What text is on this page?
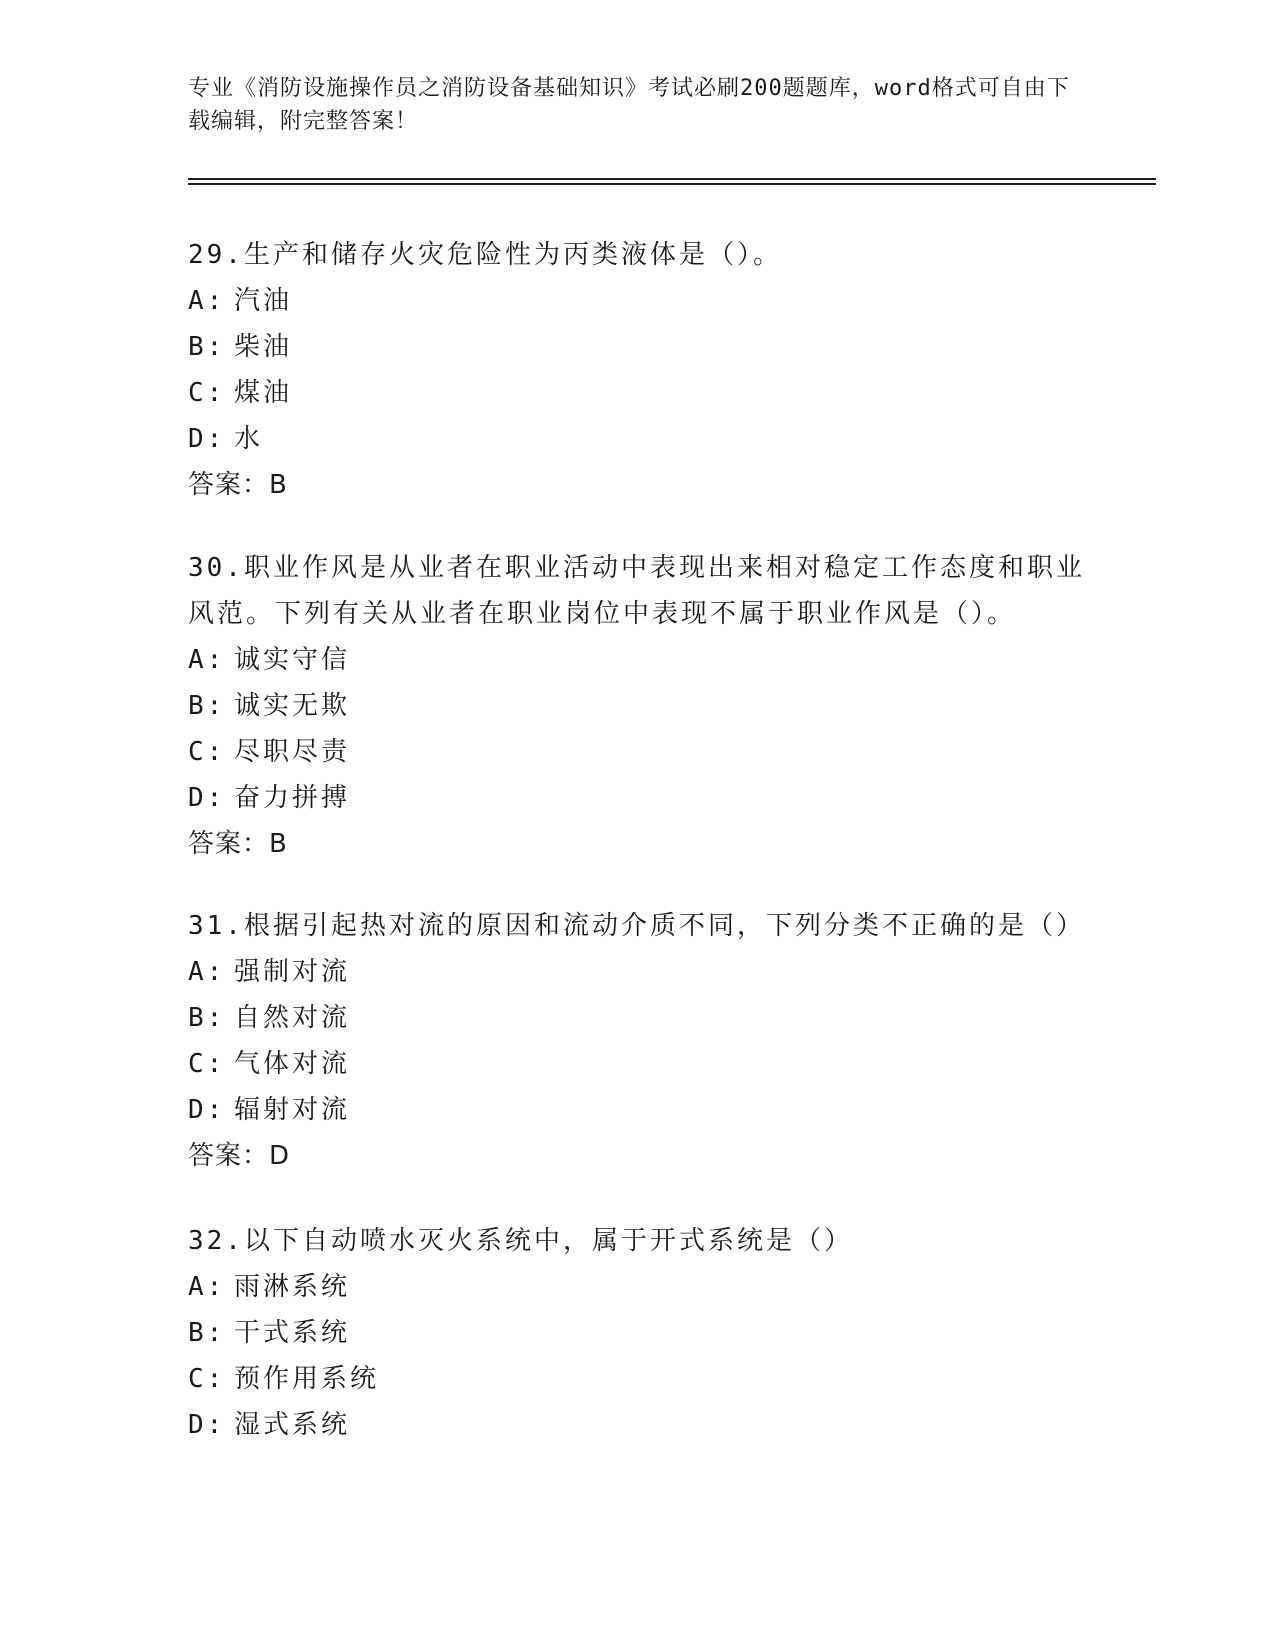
专业《消防设施操作员之消防设备基础知识》考试必刷200题题库，word格式可自由下载编辑，附完整答案！

29.生产和储存火灾危险性为丙类液体是（）。

A: 汽油

B: 柴油

C: 煤油

D: 水

答案：B

30.职业作风是从业者在职业活动中表现出来相对稳定工作态度和职业风范。下列有关从业者在职业岗位中表现不属于职业作风是（）。

A: 诚实守信

B: 诚实无欺

C: 尽职尽责

D: 奋力拼搏

答案：B

31.根据引起热对流的原因和流动介质不同，下列分类不正确的是（）

A: 强制对流

B: 自然对流

C: 气体对流

D: 辐射对流

答案：D

32.以下自动喷水灭火系统中，属于开式系统是（）

A: 雨淋系统

B: 干式系统

C: 预作用系统

D: 湿式系统
